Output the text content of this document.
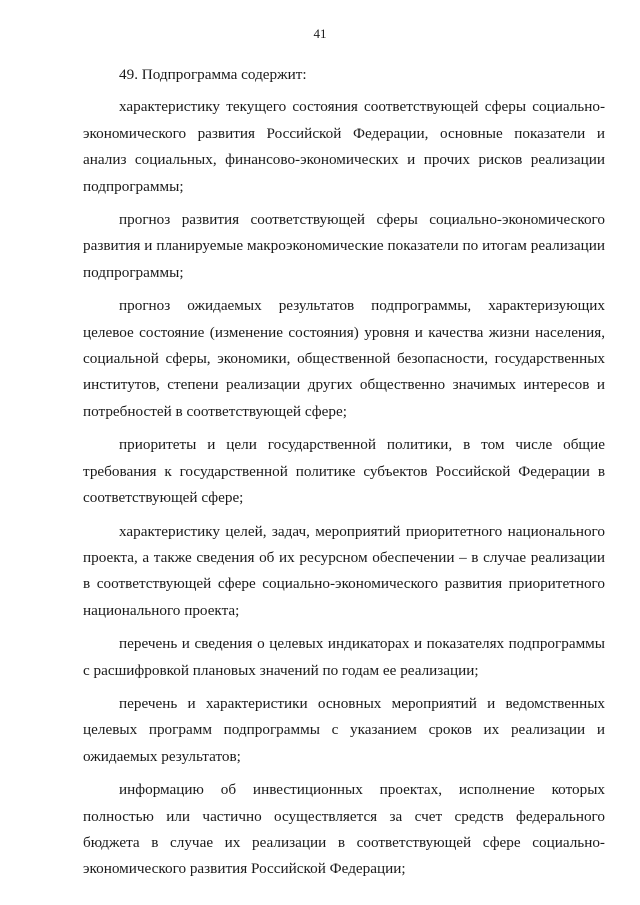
41

49. Подпрограмма содержит:

характеристику текущего состояния соответствующей сферы социально-экономического развития Российской Федерации, основные показатели и анализ социальных, финансово-экономических и прочих рисков реализации подпрограммы;

прогноз развития соответствующей сферы социально-экономического развития и планируемые макроэкономические показатели по итогам реализации подпрограммы;

прогноз ожидаемых результатов подпрограммы, характеризующих целевое состояние (изменение состояния) уровня и качества жизни населения, социальной сферы, экономики, общественной безопасности, государственных институтов, степени реализации других общественно значимых интересов и потребностей в соответствующей сфере;

приоритеты и цели государственной политики, в том числе общие требования к государственной политике субъектов Российской Федерации в соответствующей сфере;

характеристику целей, задач, мероприятий приоритетного национального проекта, а также сведения об их ресурсном обеспечении – в случае реализации в соответствующей сфере социально-экономического развития приоритетного национального проекта;

перечень и сведения о целевых индикаторах и показателях подпрограммы с расшифровкой плановых значений по годам ее реализации;

перечень и характеристики основных мероприятий и ведомственных целевых программ подпрограммы с указанием сроков их реализации и ожидаемых результатов;

информацию об инвестиционных проектах, исполнение которых полностью или частично осуществляется за счет средств федерального бюджета в случае их реализации в соответствующей сфере социально-экономического развития Российской Федерации;
